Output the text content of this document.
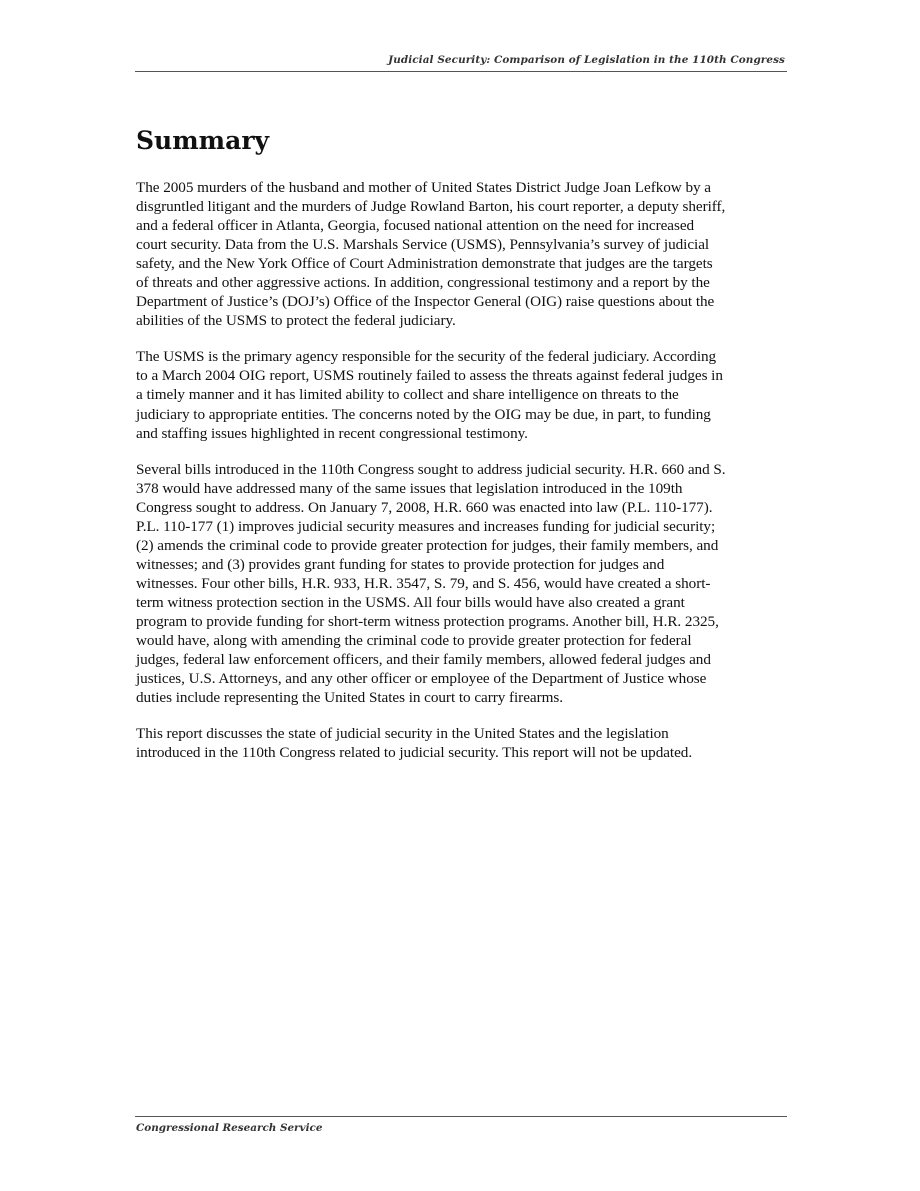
Judicial Security: Comparison of Legislation in the 110th Congress
Summary

The 2005 murders of the husband and mother of United States District Judge Joan Lefkow by a
disgruntled litigant and the murders of Judge Rowland Barton, his court reporter, a deputy sheriff,
and a federal officer in Atlanta, Georgia, focused national attention on the need for increased
court security. Data from the U.S. Marshals Service (USMS), Pennsylvania’s survey of judicial
safety, and the New York Office of Court Administration demonstrate that judges are the targets
of threats and other aggressive actions. In addition, congressional testimony and a report by the
Department of Justice’s (DOJ’s) Office of the Inspector General (OIG) raise questions about the
abilities of the USMS to protect the federal judiciary.

The USMS is the primary agency responsible for the security of the federal judiciary. According
to a March 2004 OIG report, USMS routinely failed to assess the threats against federal judges in
a timely manner and it has limited ability to collect and share intelligence on threats to the
judiciary to appropriate entities. The concerns noted by the OIG may be due, in part, to funding
and staffing issues highlighted in recent congressional testimony.

Several bills introduced in the 110th Congress sought to address judicial security. H.R. 660 and S.
378 would have addressed many of the same issues that legislation introduced in the 109th
Congress sought to address. On January 7, 2008, H.R. 660 was enacted into law (P.L. 110-177).
P.L. 110-177 (1) improves judicial security measures and increases funding for judicial security;
(2) amends the criminal code to provide greater protection for judges, their family members, and
witnesses; and (3) provides grant funding for states to provide protection for judges and
witnesses. Four other bills, H.R. 933, H.R. 3547, S. 79, and S. 456, would have created a short-
term witness protection section in the USMS. All four bills would have also created a grant
program to provide funding for short-term witness protection programs. Another bill, H.R. 2325,
would have, along with amending the criminal code to provide greater protection for federal
judges, federal law enforcement officers, and their family members, allowed federal judges and
justices, U.S. Attorneys, and any other officer or employee of the Department of Justice whose
duties include representing the United States in court to carry firearms.

This report discusses the state of judicial security in the United States and the legislation
introduced in the 110th Congress related to judicial security. This report will not be updated.

Congressional Research Service
